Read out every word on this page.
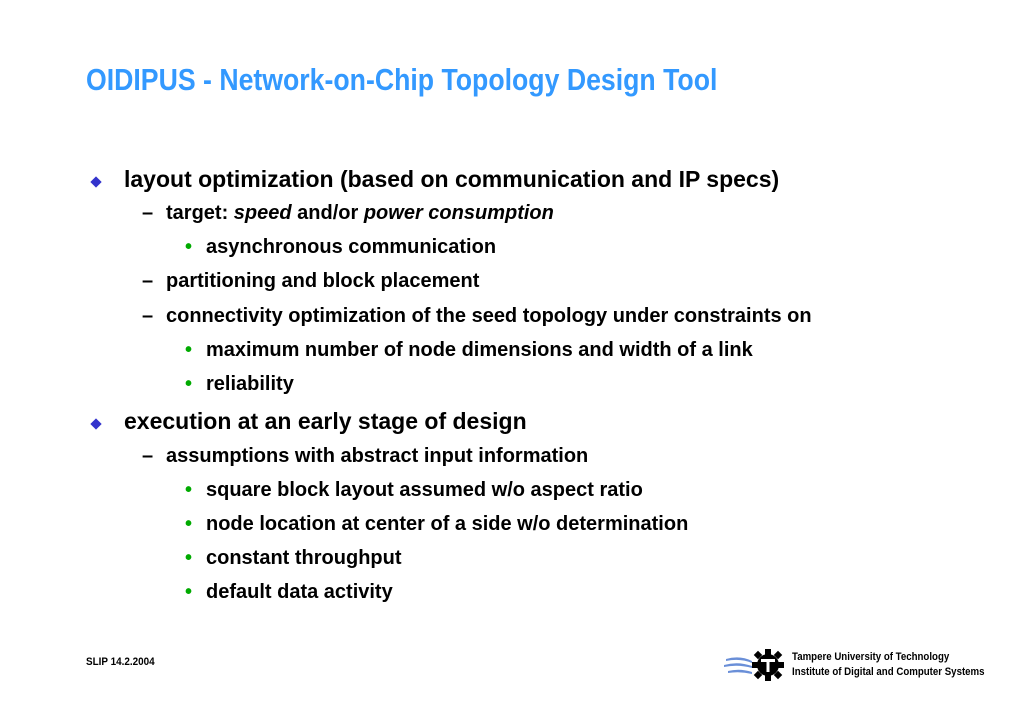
OIDIPUS - Network-on-Chip Topology Design Tool
layout optimization (based on communication and IP specs)
– target: speed and/or power consumption
• asynchronous communication
– partitioning and block placement
– connectivity optimization of the seed topology under constraints on
• maximum number of node dimensions and width of a link
• reliability
execution at an early stage of design
– assumptions with abstract input information
• square block layout assumed w/o aspect ratio
• node location at center of a side w/o determination
• constant throughput
• default data activity
SLIP 14.2.2004	Tampere University of Technology
Institute of Digital and Computer Systems
